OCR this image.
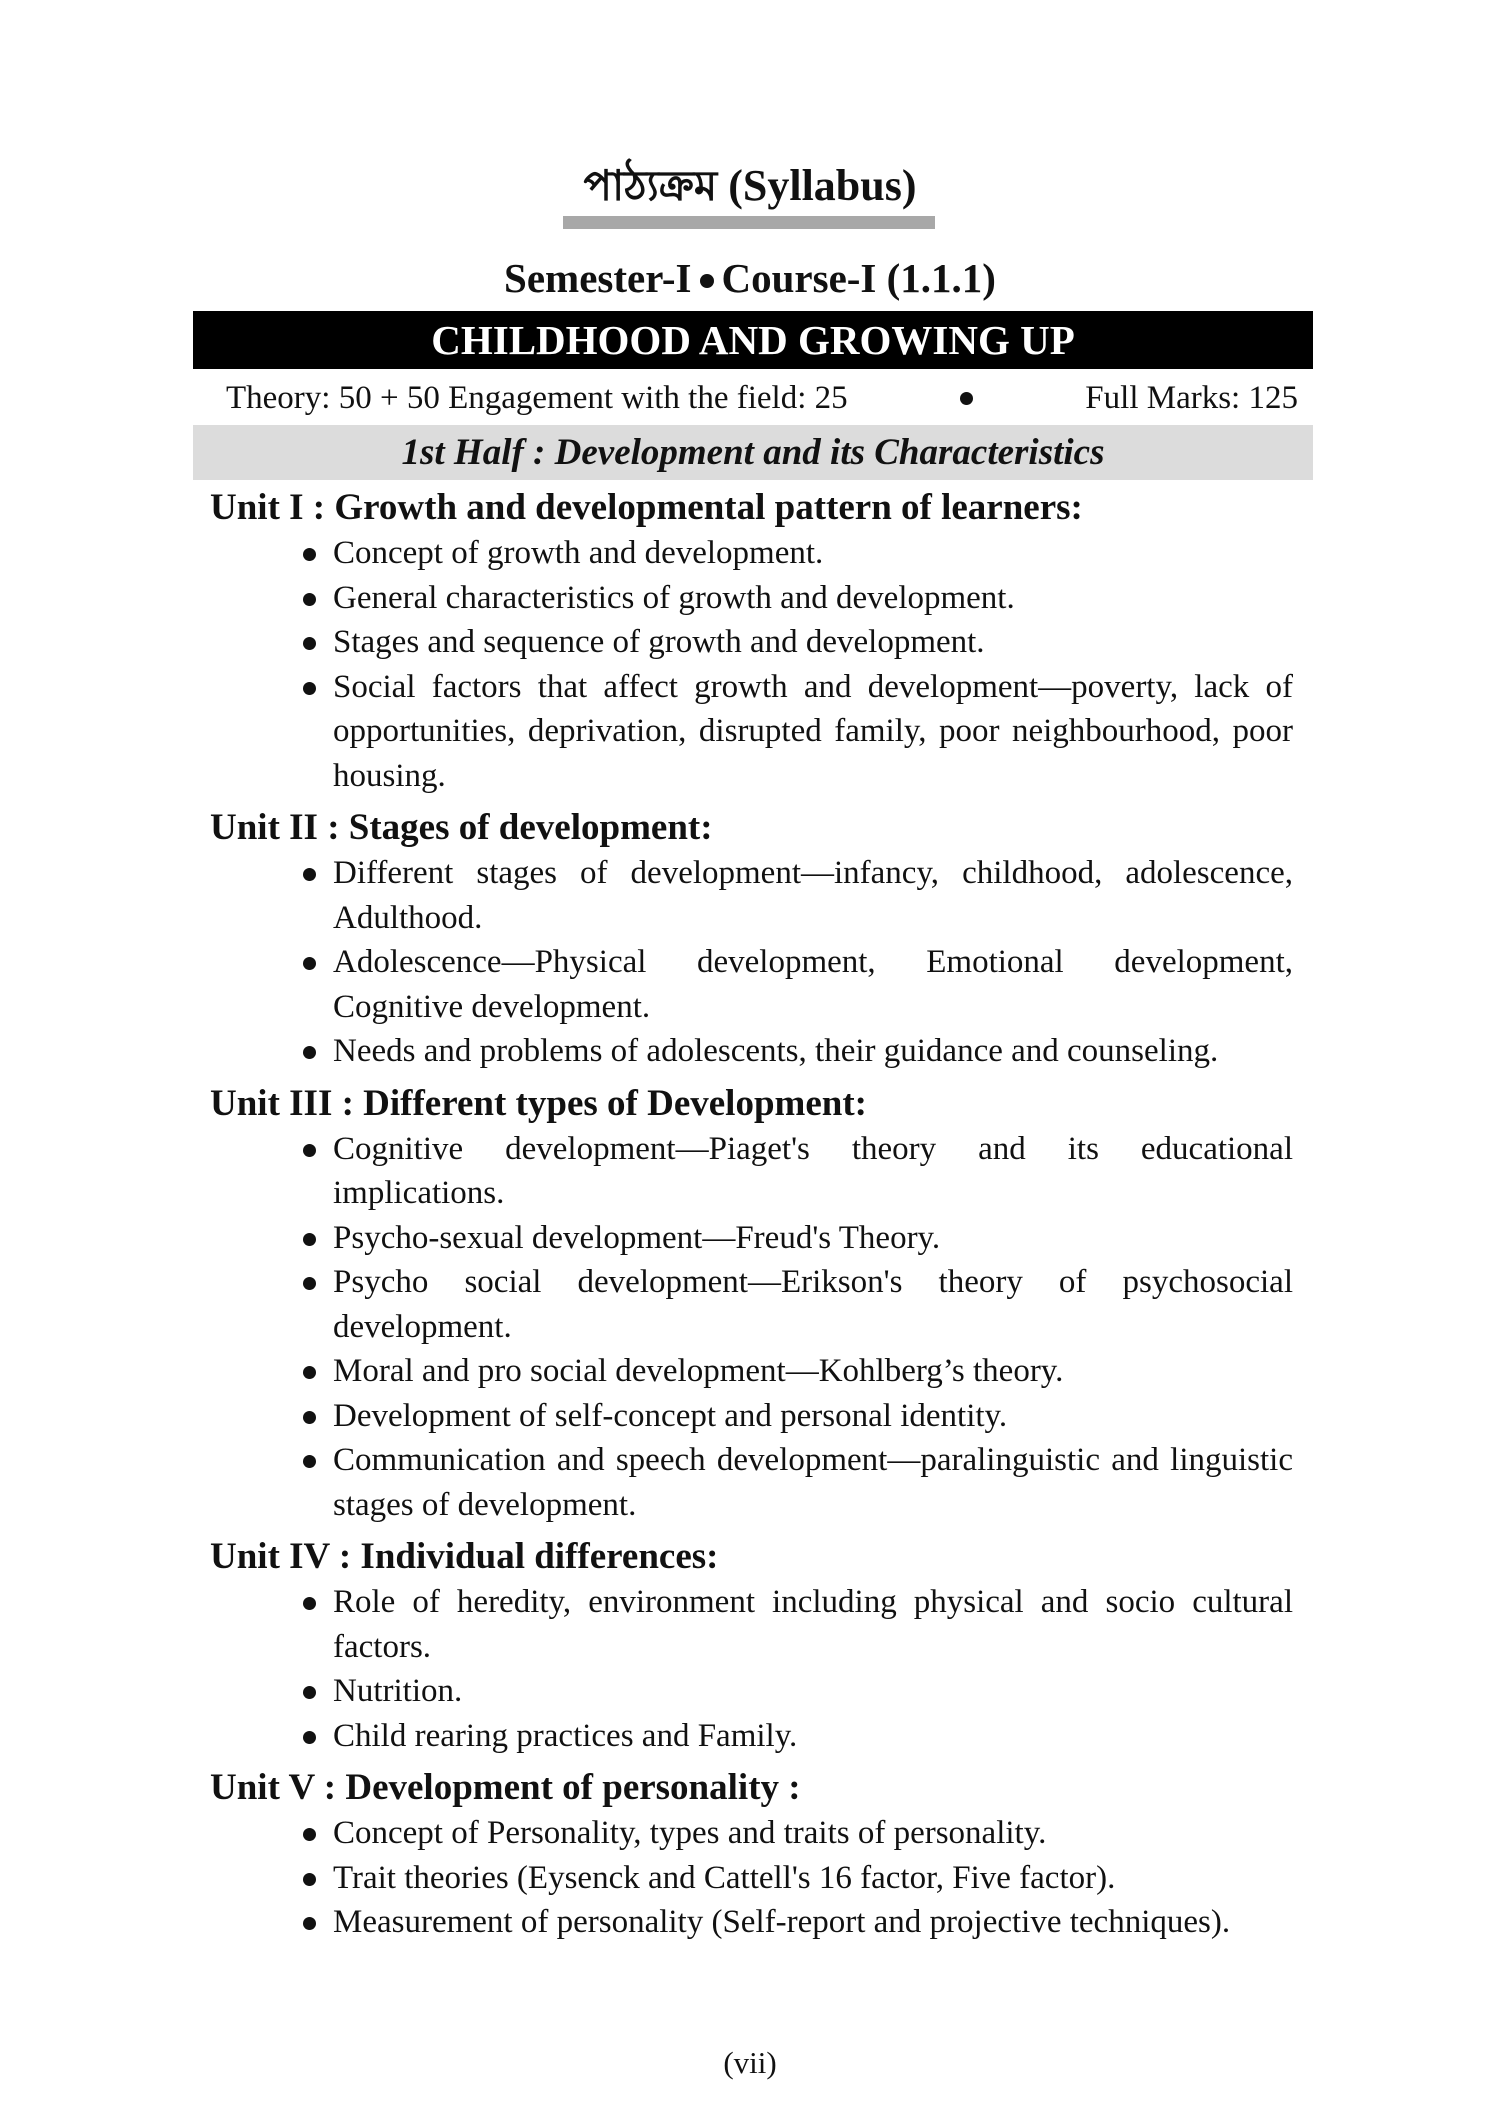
পাঠ্যক্রম (Syllabus)
Semester-I Course-I (1.1.1)
CHILDHOOD AND GROWING UP
Theory: 50 + 50 Engagement with the field: 25	Full Marks: 125
1st Half : Development and its Characteristics
Unit I : Growth and developmental pattern of learners:
Concept of growth and development.
General characteristics of growth and development.
Stages and sequence of growth and development.
Social factors that affect growth and development—poverty, lack of opportunities, deprivation, disrupted family, poor neighbourhood, poor housing.
Unit II : Stages of development:
Different stages of development—infancy, childhood, adolescence, Adulthood.
Adolescence—Physical development, Emotional development, Cognitive development.
Needs and problems of adolescents, their guidance and counseling.
Unit III : Different types of Development:
Cognitive development—Piaget's theory and its educational implications.
Psycho-sexual development—Freud's Theory.
Psycho social development—Erikson's theory of psychosocial development.
Moral and pro social development—Kohlberg’s theory.
Development of self-concept and personal identity.
Communication and speech development—paralinguistic and linguistic stages of development.
Unit IV : Individual differences:
Role of heredity, environment including physical and socio cultural factors.
Nutrition.
Child rearing practices and Family.
Unit V : Development of personality :
Concept of Personality, types and traits of personality.
Trait theories (Eysenck and Cattell's 16 factor, Five factor).
Measurement of personality (Self-report and projective techniques).
(vii)
